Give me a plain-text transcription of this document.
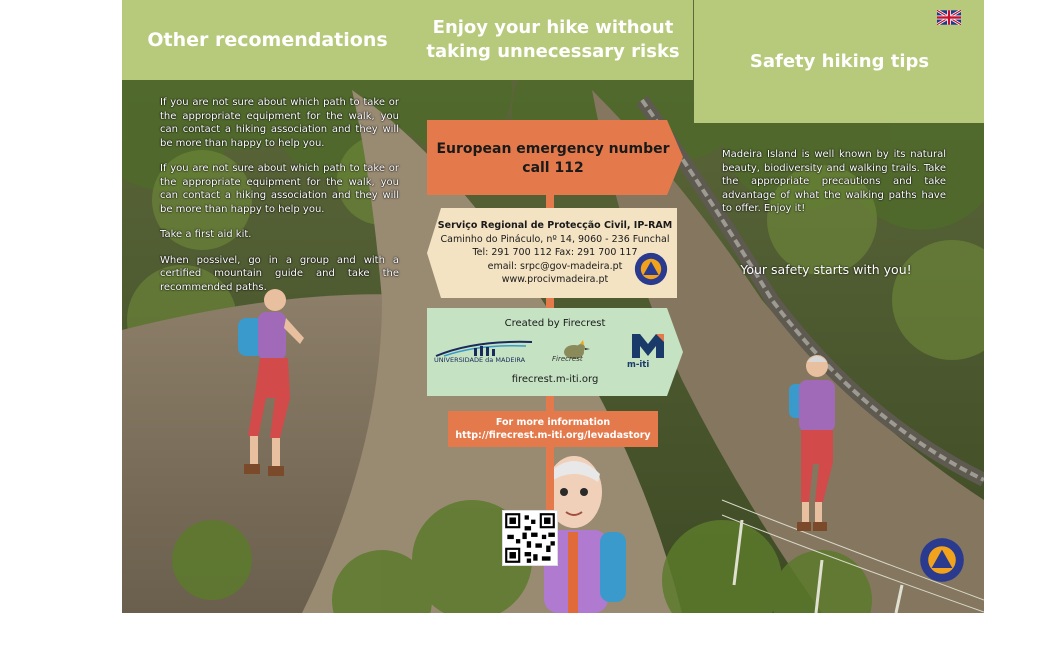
Other recomendations
Enjoy your hike without
taking unnecessary risks	Safety hiking tips

If you are not sure about which path to take or the appropriate equipment for the walk, you can contact a hiking association and they will be more than happy to help you.

If you are not sure about which path to take or the appropriate equipment for the walk, you can contact a hiking association and they will be more than happy to help you.

Take a first aid kit.

When possivel, go in a group and with a certified mountain guide and take the recommended paths.

Madeira Island is well known by its natural beauty, biodiversity and walking trails. Take the appropriate precautions and take advantage of what the walking paths have to offer. Enjoy it!
Your safety starts with you!
European emergency number
call 112
Serviço Regional de Protecção Civil, IP-RAM
Caminho do Pináculo, nº 14, 9060 - 236 Funchal
Tel: 291 700 112 Fax: 291 700 117
email: srpc@gov-madeira.pt
www.procivmadeira.pt
Created by Firecrest
UNIVERSIDADE da MADEIRA	Firecrest
m-iti
firecrest.m-iti.org
For more information
http://firecrest.m-iti.org/levadastory
